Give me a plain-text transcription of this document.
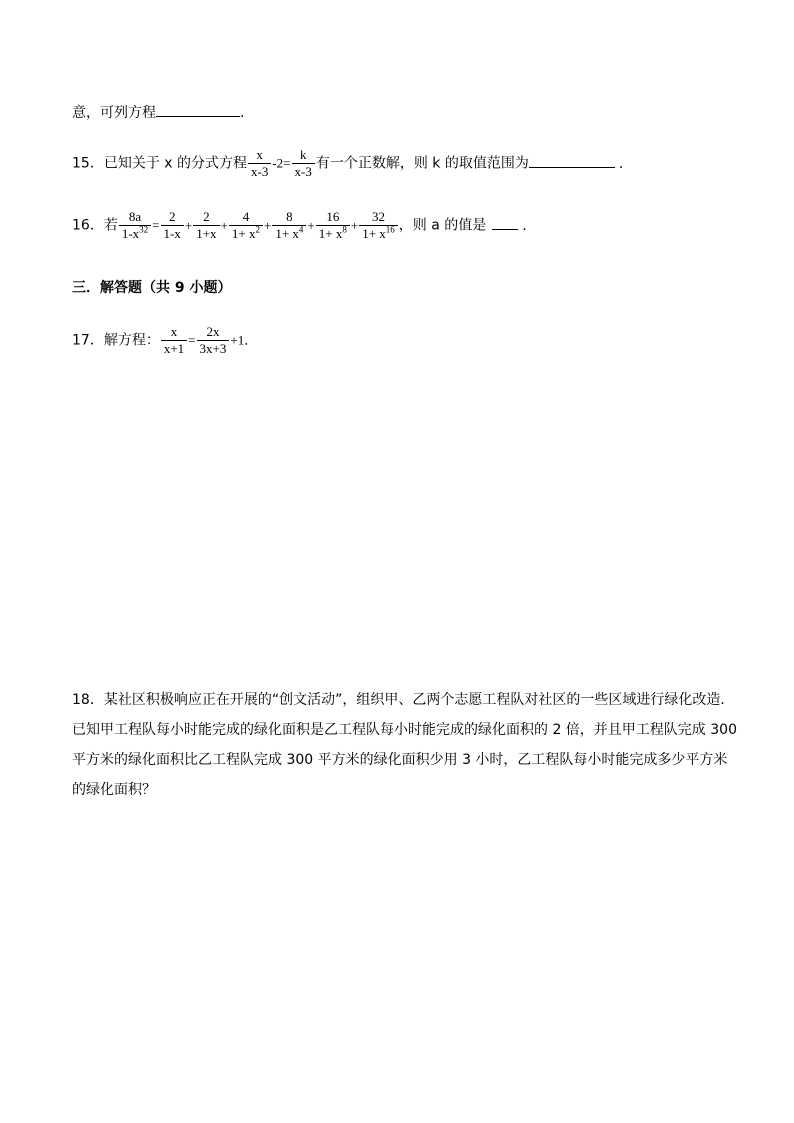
意，可列方程	.
15．已知关于 x 的分式方程 $\frac{x}{x-3} -2= \frac{k}{x-3}$ 有一个正数解，则 k 的取值范围为	.
16．若 $\frac{8a}{1-x^{32}} = \frac{2}{1-x} + \frac{2}{1+x} + \frac{4}{1+ x^2} + \frac{8}{1+ x^4} + \frac{16}{1+ x^8} + \frac{32}{1+ x^{16}}$ ，则 a 的值是	.
三．解答题（共 9 小题）
17．解方程： $\frac{x}{x+1} = \frac{2x}{3x+3} +1$．
18．某社区积极响应正在开展的“创文活动”，组织甲、乙两个志愿工程队对社区的一些区域进行绿化改造．已知甲工程队每小时能完成的绿化面积是乙工程队每小时能完成的绿化面积的 2 倍，并且甲工程队完成 300 平方米的绿化面积比乙工程队完成 300 平方米的绿化面积少用 3 小时，乙工程队每小时能完成多少平方米的绿化面积？
